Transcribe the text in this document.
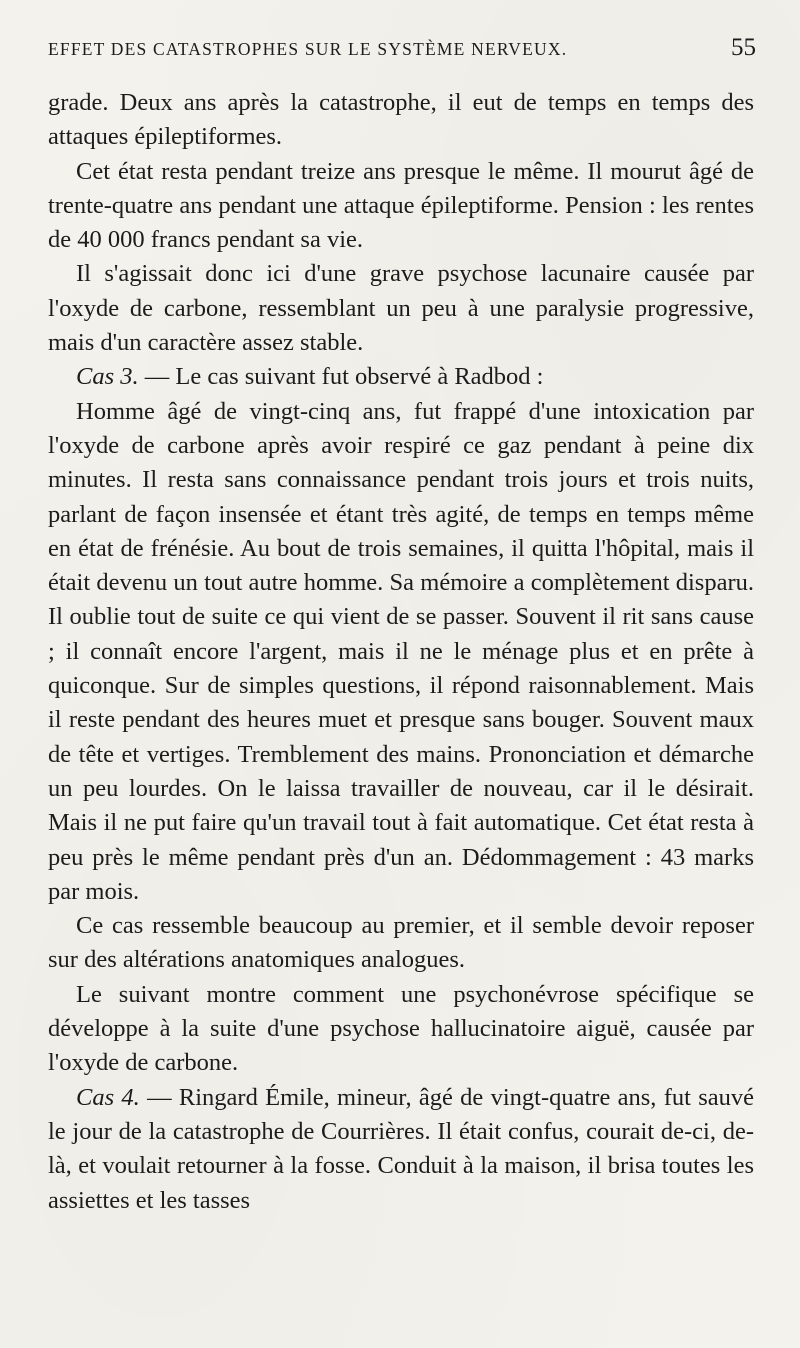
EFFET DES CATASTROPHES SUR LE SYSTÈME NERVEUX.	55

grade. Deux ans après la catastrophe, il eut de temps en temps des attaques épileptiformes.

Cet état resta pendant treize ans presque le même. Il mourut âgé de trente-quatre ans pendant une attaque épileptiforme. Pension : les rentes de 40 000 francs pendant sa vie.

Il s'agissait donc ici d'une grave psychose lacunaire causée par l'oxyde de carbone, ressemblant un peu à une paralysie progressive, mais d'un caractère assez stable.

Cas 3. — Le cas suivant fut observé à Radbod :

Homme âgé de vingt-cinq ans, fut frappé d'une intoxication par l'oxyde de carbone après avoir respiré ce gaz pendant à peine dix minutes. Il resta sans connaissance pendant trois jours et trois nuits, parlant de façon insensée et étant très agité, de temps en temps même en état de frénésie. Au bout de trois semaines, il quitta l'hôpital, mais il était devenu un tout autre homme. Sa mémoire a complètement disparu. Il oublie tout de suite ce qui vient de se passer. Souvent il rit sans cause ; il connaît encore l'argent, mais il ne le ménage plus et en prête à quiconque. Sur de simples questions, il répond raisonnablement. Mais il reste pendant des heures muet et presque sans bouger. Souvent maux de tête et vertiges. Tremblement des mains. Prononciation et démarche un peu lourdes. On le laissa travailler de nouveau, car il le désirait. Mais il ne put faire qu'un travail tout à fait automatique. Cet état resta à peu près le même pendant près d'un an. Dédommagement : 43 marks par mois.

Ce cas ressemble beaucoup au premier, et il semble devoir reposer sur des altérations anatomiques analogues.

Le suivant montre comment une psychonévrose spécifique se développe à la suite d'une psychose hallucinatoire aiguë, causée par l'oxyde de carbone.

Cas 4. — Ringard Émile, mineur, âgé de vingt-quatre ans, fut sauvé le jour de la catastrophe de Courrières. Il était confus, courait de-ci, de-là, et voulait retourner à la fosse. Conduit à la maison, il brisa toutes les assiettes et les tasses
